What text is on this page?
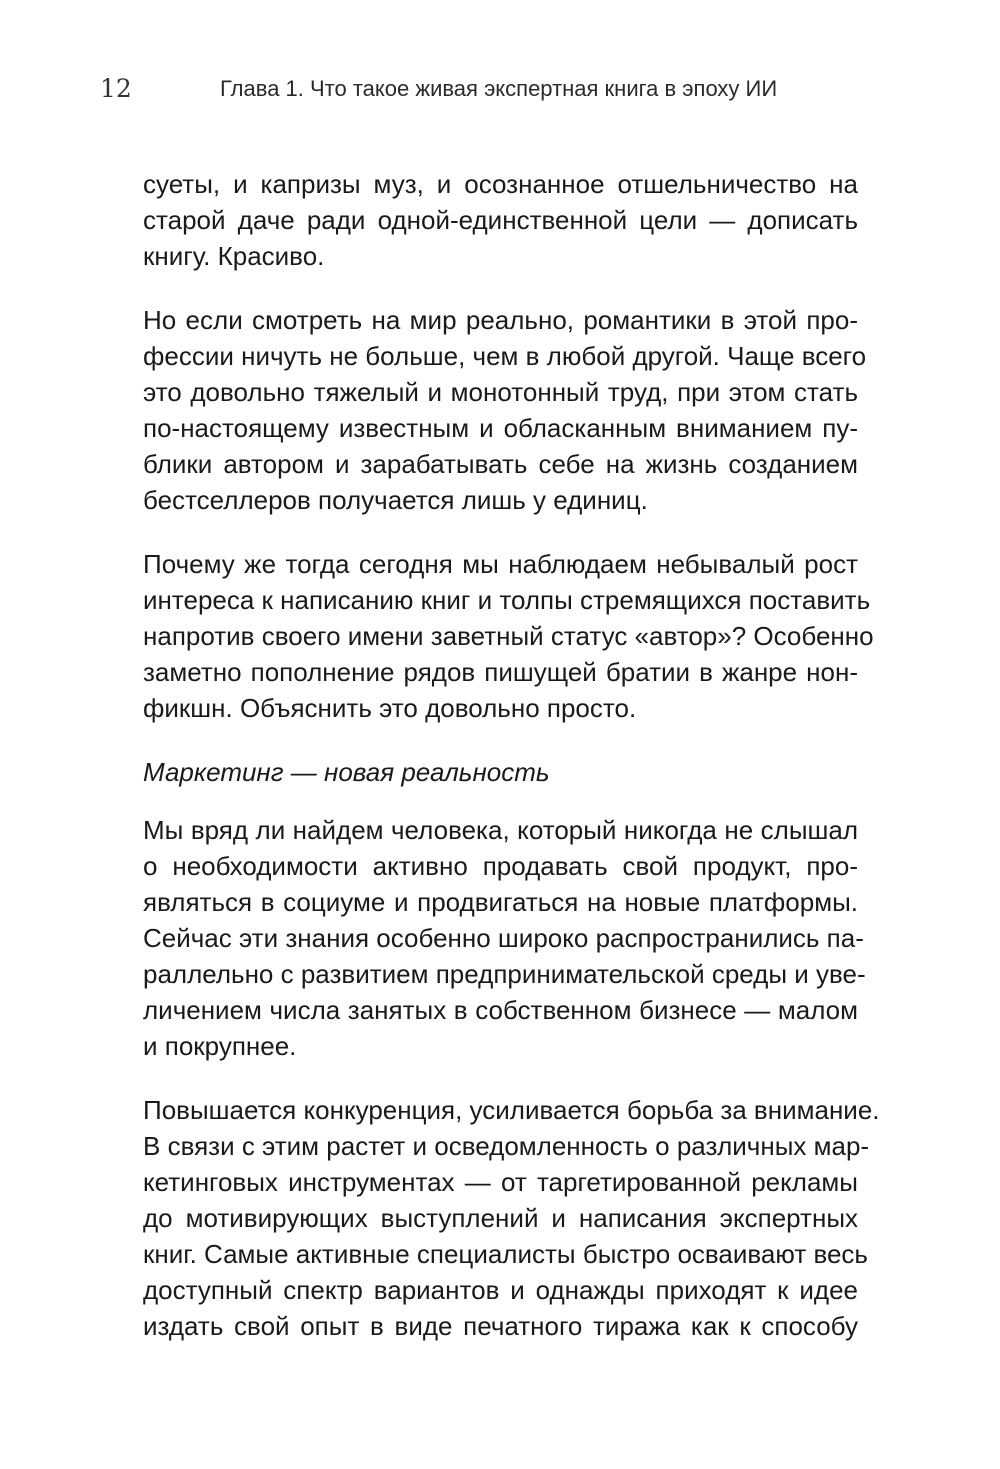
12	Глава 1. Что такое живая экспертная книга в эпоху ИИ
суеты, и капризы муз, и осознанное отшельничество на
старой даче ради одной-единственной цели — дописать
книгу. Красиво.
Но если смотреть на мир реально, романтики в этой про-
фессии ничуть не больше, чем в любой другой. Чаще всего
это довольно тяжелый и монотонный труд, при этом стать
по-настоящему известным и обласканным вниманием пу-
блики автором и зарабатывать себе на жизнь созданием
бестселлеров получается лишь у единиц.
Почему же тогда сегодня мы наблюдаем небывалый рост
интереса к написанию книг и толпы стремящихся поставить
напротив своего имени заветный статус «автор»? Особенно
заметно пополнение рядов пишущей братии в жанре нон-
фикшн. Объяснить это довольно просто.
Маркетинг — новая реальность
Мы вряд ли найдем человека, который никогда не слышал
о необходимости активно продавать свой продукт, про-
являться в социуме и продвигаться на новые платформы.
Сейчас эти знания особенно широко распространились па-
раллельно с развитием предпринимательской среды и уве-
личением числа занятых в собственном бизнесе — малом
и покрупнее.
Повышается конкуренция, усиливается борьба за внимание.
В связи с этим растет и осведомленность о различных мар-
кетинговых инструментах — от таргетированной рекламы
до мотивирующих выступлений и написания экспертных
книг. Самые активные специалисты быстро осваивают весь
доступный спектр вариантов и однажды приходят к идее
издать свой опыт в виде печатного тиража как к способу
